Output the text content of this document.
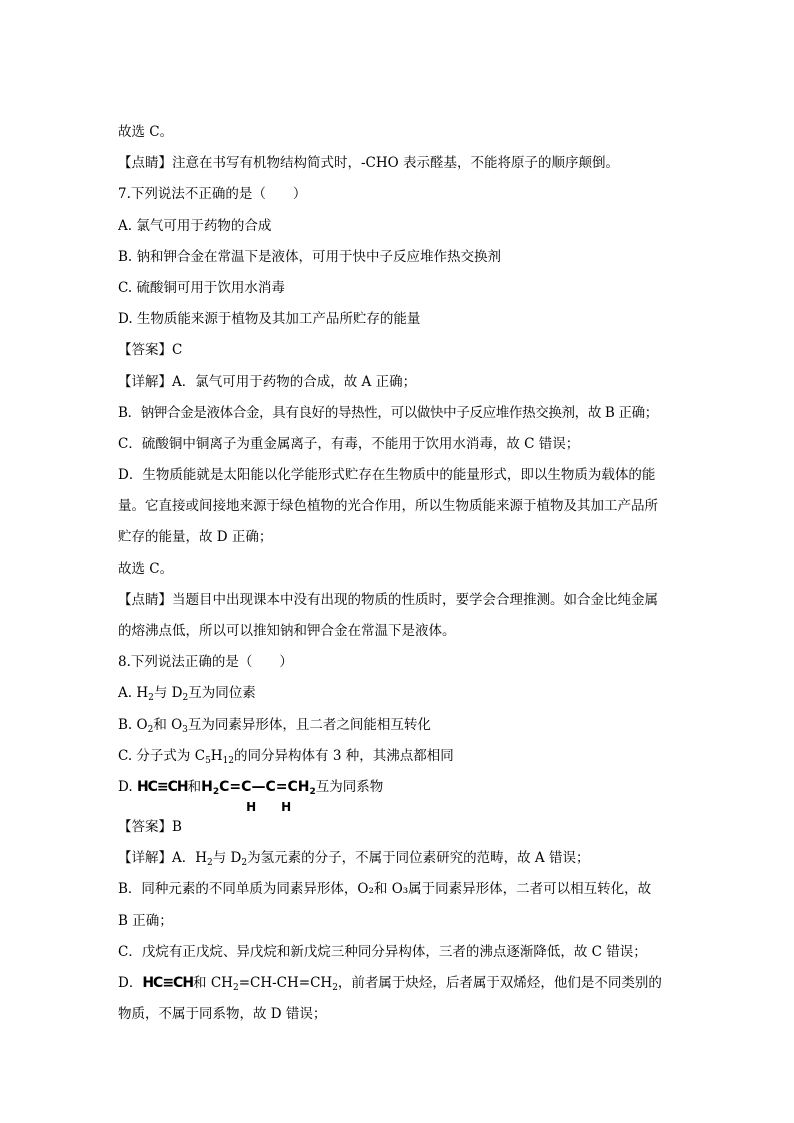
故选 C。
【点睛】注意在书写有机物结构简式时，-CHO 表示醛基，不能将原子的顺序颠倒。
7.下列说法不正确的是（　　）
A. 氯气可用于药物的合成
B. 钠和钾合金在常温下是液体，可用于快中子反应堆作热交换剂
C. 硫酸铜可用于饮用水消毒
D. 生物质能来源于植物及其加工产品所贮存的能量
【答案】C
【详解】A．氯气可用于药物的合成，故 A 正确；
B．钠钾合金是液体合金，具有良好的导热性，可以做快中子反应堆作热交换剂，故 B 正确；
C．硫酸铜中铜离子为重金属离子，有毒，不能用于饮用水消毒，故 C 错误；
D．生物质能就是太阳能以化学能形式贮存在生物质中的能量形式，即以生物质为载体的能
量。它直接或间接地来源于绿色植物的光合作用，所以生物质能来源于植物及其加工产品所
贮存的能量，故 D 正确；
故选 C。
【点睛】当题目中出现课本中没有出现的物质的性质时，要学会合理推测。如合金比纯金属
的熔沸点低，所以可以推知钠和钾合金在常温下是液体。
8.下列说法正确的是（　　）
A. $H_2$与 $D_2$互为同位素
B. $O_2$和 $O_3$互为同素异形体，且二者之间能相互转化
C. 分子式为 $C_5H_{12}$的同分异构体有 3 种，其沸点都相同
D. HC≡CH和$H_2C=C—C=CH_2$
H H
互为同系物
【答案】B
【详解】A．$H_2$与 $D_2$为氢元素的分子，不属于同位素研究的范畴，故 A 错误；
B．同种元素的不同单质为同素异形体，O₂和 O₃属于同素异形体，二者可以相互转化，故
B 正确；
C．戊烷有正戊烷、异戊烷和新戊烷三种同分异构体，三者的沸点逐渐降低，故 C 错误；
D．HC≡CH和 $CH_2=CH-CH=CH_2$，前者属于炔烃，后者属于双烯烃，他们是不同类别的
物质，不属于同系物，故 D 错误；
